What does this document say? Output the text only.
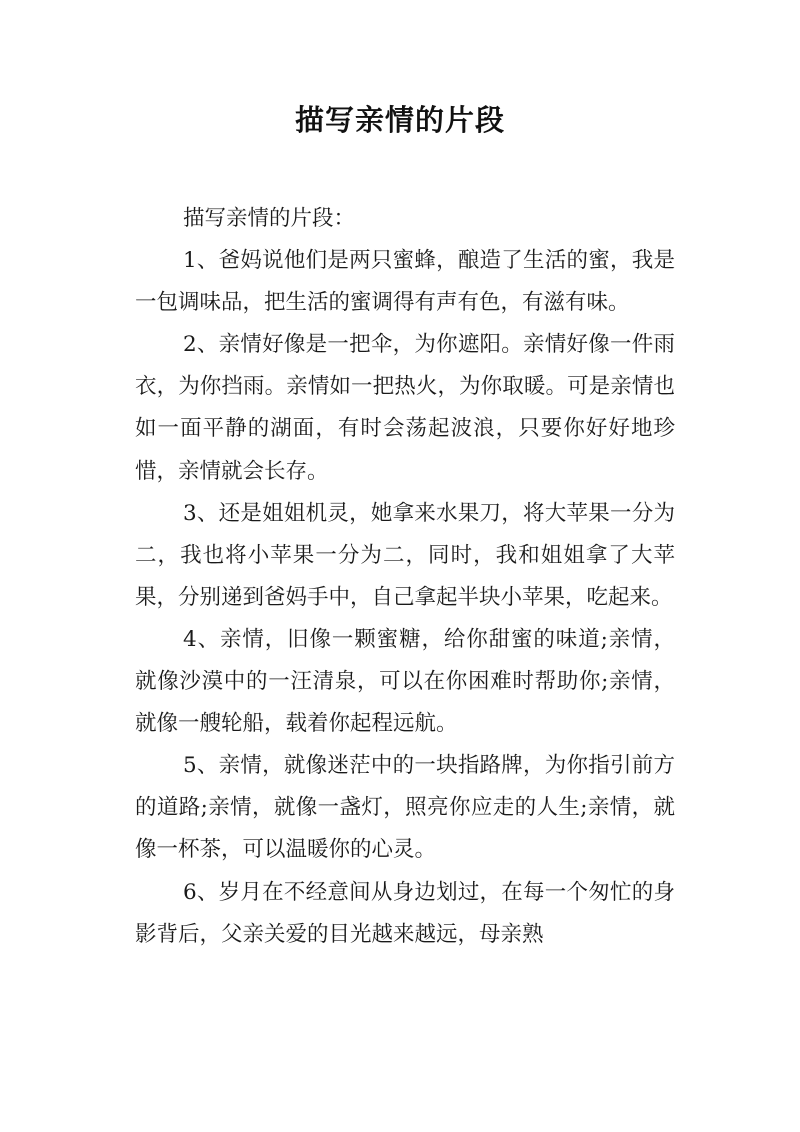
描写亲情的片段

描写亲情的片段：

1、爸妈说他们是两只蜜蜂，酿造了生活的蜜，我是一包调味品，把生活的蜜调得有声有色，有滋有味。

2、亲情好像是一把伞，为你遮阳。亲情好像一件雨衣，为你挡雨。亲情如一把热火，为你取暖。可是亲情也如一面平静的湖面，有时会荡起波浪，只要你好好地珍惜，亲情就会长存。

3、还是姐姐机灵，她拿来水果刀，将大苹果一分为二，我也将小苹果一分为二，同时，我和姐姐拿了大苹果，分别递到爸妈手中，自己拿起半块小苹果，吃起来。

4、亲情，旧像一颗蜜糖，给你甜蜜的味道;亲情，就像沙漠中的一汪清泉，可以在你困难时帮助你;亲情，就像一艘轮船，载着你起程远航。

5、亲情，就像迷茫中的一块指路牌，为你指引前方的道路;亲情，就像一盏灯，照亮你应走的人生;亲情，就像一杯茶，可以温暖你的心灵。

6、岁月在不经意间从身边划过，在每一个匆忙的身影背后，父亲关爱的目光越来越远，母亲熟
